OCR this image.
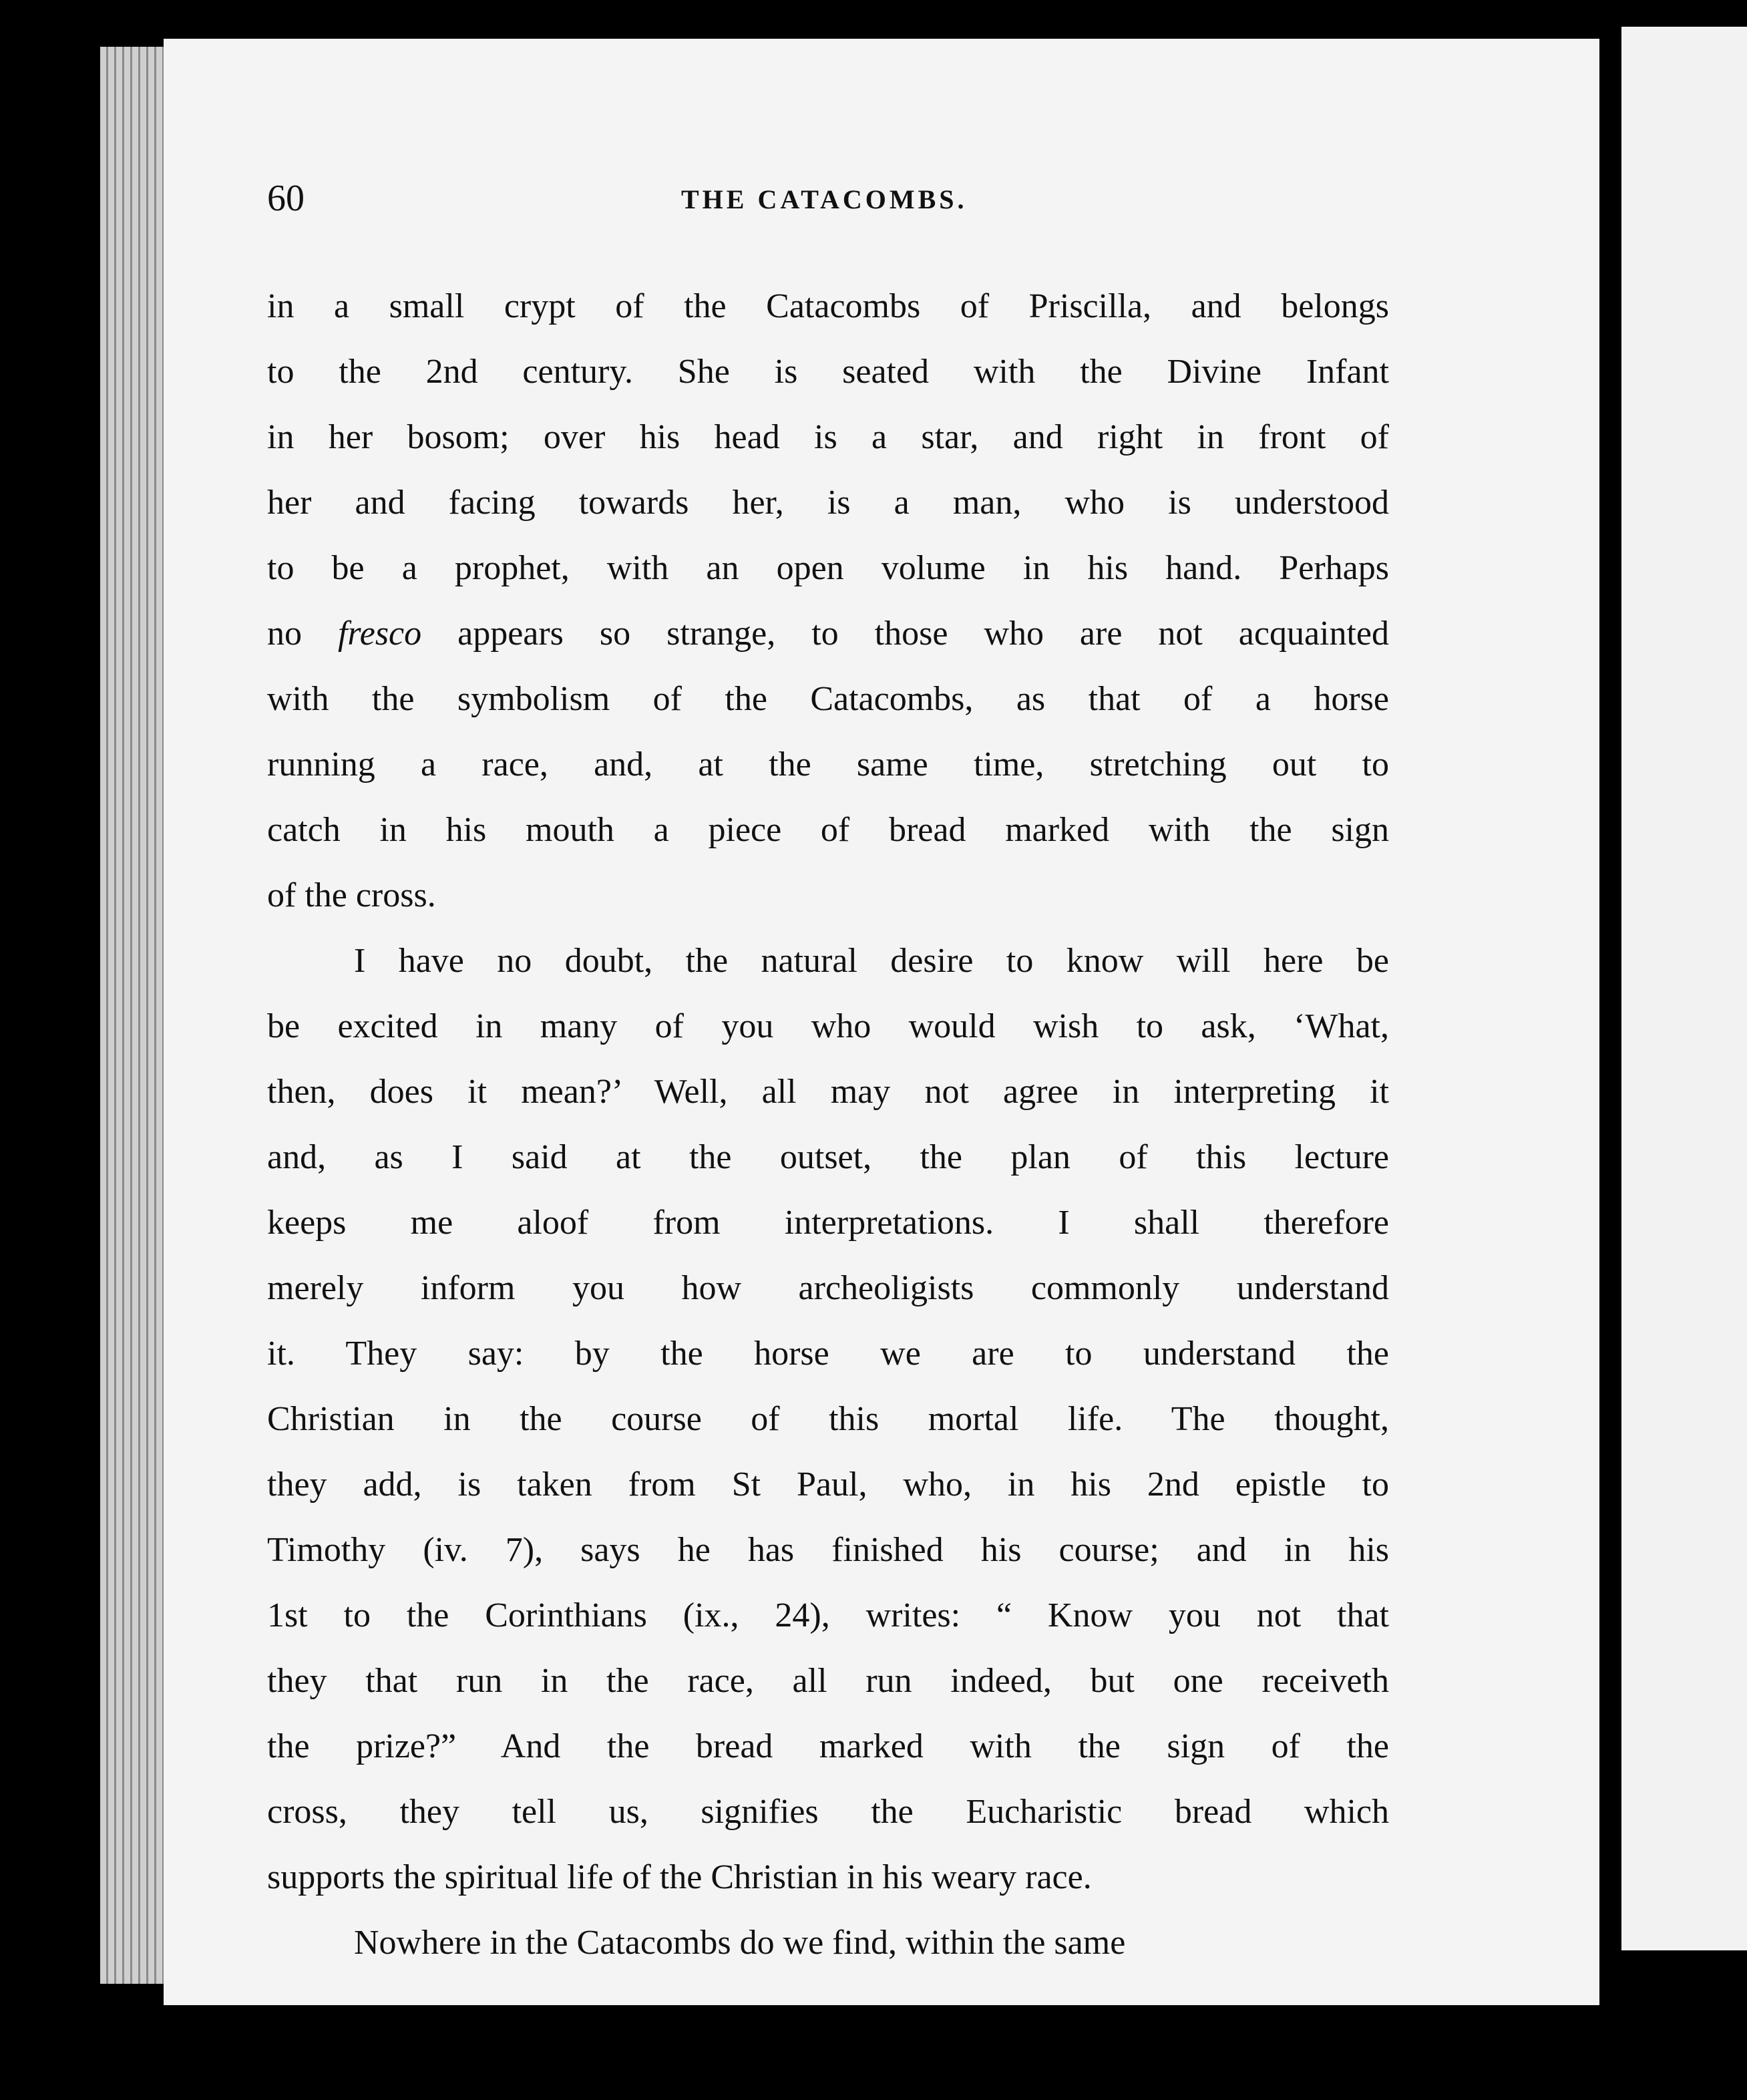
60	THE CATACOMBS.
in a small crypt of the Catacombs of Priscilla, and belongs
to the 2nd century. She is seated with the Divine Infant
in her bosom; over his head is a star, and right in front of
her and facing towards her, is a man, who is understood
to be a prophet, with an open volume in his hand. Perhaps
no fresco appears so strange, to those who are not acquainted
with the symbolism of the Catacombs, as that of a horse
running a race, and, at the same time, stretching out to
catch in his mouth a piece of bread marked with the sign
of the cross.
I have no doubt, the natural desire to know will here be
be excited in many of you who would wish to ask, ‘What,
then, does it mean?’ Well, all may not agree in interpreting it
and, as I said at the outset, the plan of this lecture
keeps me aloof from interpretations. I shall therefore
merely inform you how archeoligists commonly understand
it. They say: by the horse we are to understand the
Christian in the course of this mortal life. The thought,
they add, is taken from St Paul, who, in his 2nd epistle to
Timothy (iv. 7), says he has finished his course; and in his
1st to the Corinthians (ix., 24), writes: “ Know you not that
they that run in the race, all run indeed, but one receiveth
the prize?” And the bread marked with the sign of the
cross, they tell us, signifies the Eucharistic bread which
supports the spiritual life of the Christian in his weary race.
Nowhere in the Catacombs do we find, within the same
